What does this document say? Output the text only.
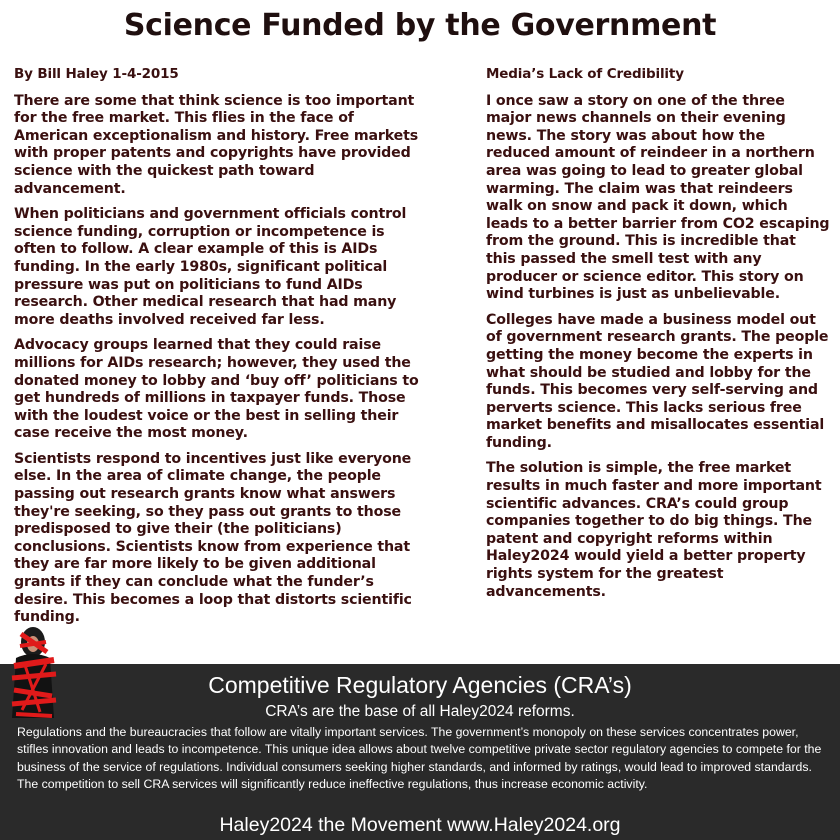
Science Funded by the Government
By Bill Haley 1-4-2015

There are some that think science is too important for the free market. This flies in the face of American exceptionalism and history. Free markets with proper patents and copyrights have provided science with the quickest path toward advancement.

When politicians and government officials control science funding, corruption or incompetence is often to follow. A clear example of this is AIDs funding. In the early 1980s, significant political pressure was put on politicians to fund AIDs research. Other medical research that had many more deaths involved received far less.

Advocacy groups learned that they could raise millions for AIDs research; however, they used the donated money to lobby and ‘buy off’ politicians to get hundreds of millions in taxpayer funds. Those with the loudest voice or the best in selling their case receive the most money.

Scientists respond to incentives just like everyone else. In the area of climate change, the people passing out research grants know what answers they're seeking, so they pass out grants to those predisposed to give their (the politicians) conclusions. Scientists know from experience that they are far more likely to be given additional grants if they can conclude what the funder’s desire. This becomes a loop that distorts scientific funding.

Media’s Lack of Credibility

I once saw a story on one of the three major news channels on their evening news. The story was about how the reduced amount of reindeer in a northern area was going to lead to greater global warming. The claim was that reindeers walk on snow and pack it down, which leads to a better barrier from CO2 escaping from the ground. This is incredible that this passed the smell test with any producer or science editor. This story on wind turbines is just as unbelievable.

Colleges have made a business model out of government research grants. The people getting the money become the experts in what should be studied and lobby for the funds. This becomes very self-serving and perverts science. This lacks serious free market benefits and misallocates essential funding.

The solution is simple, the free market results in much faster and more important scientific advances. CRA’s could group companies together to do big things. The patent and copyright reforms within Haley2024 would yield a better property rights system for the greatest advancements.

Competitive Regulatory Agencies (CRA’s)
CRA’s are the base of all Haley2024 reforms.
Regulations and the bureaucracies that follow are vitally important services. The government’s monopoly on these services concentrates power, stifles innovation and leads to incompetence. This unique idea allows about twelve competitive private sector regulatory agencies to compete for the business of the service of regulations. Individual consumers seeking higher standards, and informed by ratings, would lead to improved standards. The competition to sell CRA services will significantly reduce ineffective regulations, thus increase economic activity.
Haley2024 the Movement www.Haley2024.org
